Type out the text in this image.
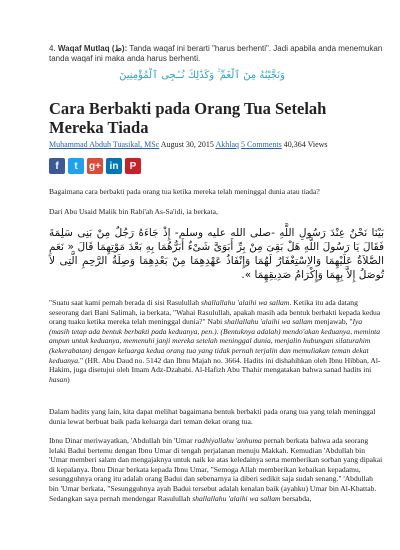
4. Waqaf Mutlaq (ط): Tanda waqaf ini berarti "harus berhenti". Jadi apabila anda menemukan tanda waqaf ini maka anda harus berhenti.
وَنَجَّيْنَٰهُ مِنَ ٱلْغَمِّ ۚ وَكَذَٰلِكَ نُـۨجِى ٱلْمُؤْمِنِينَ
Cara Berbakti pada Orang Tua Setelah Mereka Tiada
Muhammad Abduh Tuasikal, MSc August 30, 2015 Akhlaq 5 Comments 40,364 Views
f	t	g+ in	P

Bagaimana cara berbakti pada orang tua ketika mereka telah meninggal dunia atau tiada?

Dari Abu Usaid Malik bin Rabi'ah As-Sa'idi, ia berkata,

بَيْنَا نَحْنُ عِنْدَ رَسُولِ اللَّهِ -صلى الله عليه وسلم- إِذْ جَاءَهُ رَجُلٌ مِنْ بَنِى سَلِمَةَ فَقَالَ يَا رَسُولَ اللَّهِ هَلْ بَقِىَ مِنْ بِرِّ أَبَوَىَّ شَىْءٌ أَبَرُّهُمَا بِهِ بَعْدَ مَوْتِهِمَا قَالَ « نَعَمِ الصَّلاَةُ عَلَيْهِمَا وَالاِسْتِغْفَارُ لَهُمَا وَإِنْفَاذُ عَهْدِهِمَا مِنْ بَعْدِهِمَا وَصِلَةُ الرَّحِمِ الَّتِى لاَ تُوصَلُ إِلاَّ بِهِمَا وَإِكْرَامُ صَدِيقِهِمَا ».

"Suatu saat kami pernah berada di sisi Rasulullah shallallahu 'alaihi wa sallam. Ketika itu ada datang seseorang dari Bani Salimah, ia berkata, "Wahai Rasulullah, apakah masih ada bentuk berbakti kepada kedua orang tuaku ketika mereka telah meninggal dunia?" Nabi shallallahu 'alaihi wa sallam menjawab, "Iya (masih tetap ada bentuk berbakti pada keduanya, pen.). (Bentuknya adalah) mendo'akan keduanya, meminta ampun untuk keduanya, memenuhi janji mereka setelah meninggal dunia, menjalin hubungan silaturahim (kekerabatan) dengan keluarga kedua orang tua yang tidak pernah terjalin dan memuliakan teman dekat keduanya." (HR. Abu Daud no. 5142 dan Ibnu Majah no. 3664. Hadits ini dishahihkan oleh Ibnu Hibban, Al-Hakim, juga disetujui oleh Imam Adz-Dzahabi. Al-Hafizh Abu Thahir mengatakan bahwa sanad hadits ini hasan)

Dalam hadits yang lain, kita dapat melihat bagaimana bentuk berbakti pada orang tua yang telah meninggal dunia lewat berbuat baik pada keluarga dari teman dekat orang tua.

Ibnu Dinar meriwayatkan, 'Abdullah bin 'Umar radhiyallahu 'anhuma pernah berkata bahwa ada seorang lelaki Badui bertemu dengan Ibnu Umar di tengah perjalanan menuju Makkah. Kemudian 'Abdullah bin 'Umar memberi salam dan mengajaknya untuk naik ke atas keledainya serta memberikan sorban yang dipakai di kepalanya. Ibnu Dinar berkata kepada Ibnu Umar, "Semoga Allah memberikan kebaikan kepadamu, sesungguhnya orang itu adalah orang Badui dan sebenarnya ia diberi sedikit saja sudah senang." 'Abdullah bin 'Umar berkata, "Sesungguhnya ayah Badui tersebut adalah kenalan baik (ayahku) Umar bin Al-Khattab. Sedangkan saya pernah mendengar Rasulullah shallallahu 'alaihi wa sallam bersabda,
